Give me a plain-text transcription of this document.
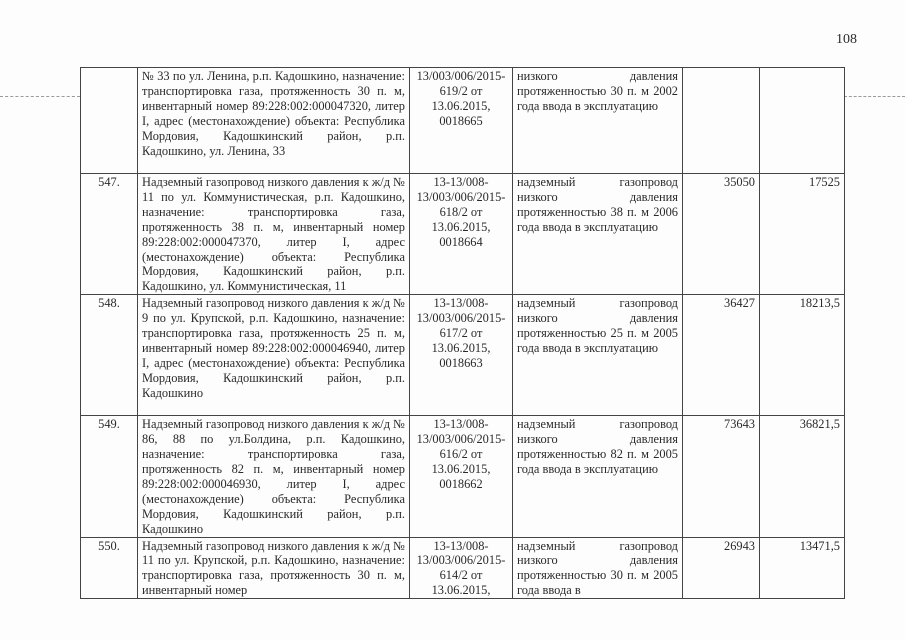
108
	№ 33 по ул. Ленина, р.п. Кадошкино, назначение: транспортировка газа, протяженность 30 п. м, инвентарный номер 89:228:002:000047320, литер I, адрес (местонахождение) объекта: Республика Мордовия, Кадошкинский район, р.п. Кадошкино, ул. Ленина, 33	13/003/006/2015-619/2 от 13.06.2015, 0018665	низкого давления протяженностью 30 п. м 2002 года ввода в эксплуатацию		
547.	Надземный газопровод низкого давления к ж/д № 11 по ул. Коммунистическая, р.п. Кадошкино, назначение: транспортировка газа, протяженность 38 п. м, инвентарный номер 89:228:002:000047370, литер I, адрес (местонахождение) объекта: Республика Мордовия, Кадошкинский район, р.п. Кадошкино, ул. Коммунистическая, 11	13-13/008-13/003/006/2015-618/2 от 13.06.2015, 0018664	надземный газопровод низкого давления протяженностью 38 п. м 2006 года ввода в эксплуатацию	35050	17525
548.	Надземный газопровод низкого давления к ж/д № 9 по ул. Крупской, р.п. Кадошкино, назначение: транспортировка газа, протяженность 25 п. м, инвентарный номер 89:228:002:000046940, литер I, адрес (местонахождение) объекта: Республика Мордовия, Кадошкинский район, р.п. Кадошкино	13-13/008-13/003/006/2015-617/2 от 13.06.2015, 0018663	надземный газопровод низкого давления протяженностью 25 п. м 2005 года ввода в эксплуатацию	36427	18213,5
549.	Надземный газопровод низкого давления к ж/д № 86, 88 по ул.Болдина, р.п. Кадошкино, назначение: транспортировка газа, протяженность 82 п. м, инвентарный номер 89:228:002:000046930, литер I, адрес (местонахождение) объекта: Республика Мордовия, Кадошкинский район, р.п. Кадошкино	13-13/008-13/003/006/2015-616/2 от 13.06.2015, 0018662	надземный газопровод низкого давления протяженностью 82 п. м 2005 года ввода в эксплуатацию	73643	36821,5
550.	Надземный газопровод низкого давления к ж/д № 11 по ул. Крупской, р.п. Кадошкино, назначение: транспортировка газа, протяженность 30 п. м, инвентарный номер	13-13/008-13/003/006/2015-614/2 от 13.06.2015,	надземный газопровод низкого давления протяженностью 30 п. м 2005 года ввода в	26943	13471,5
